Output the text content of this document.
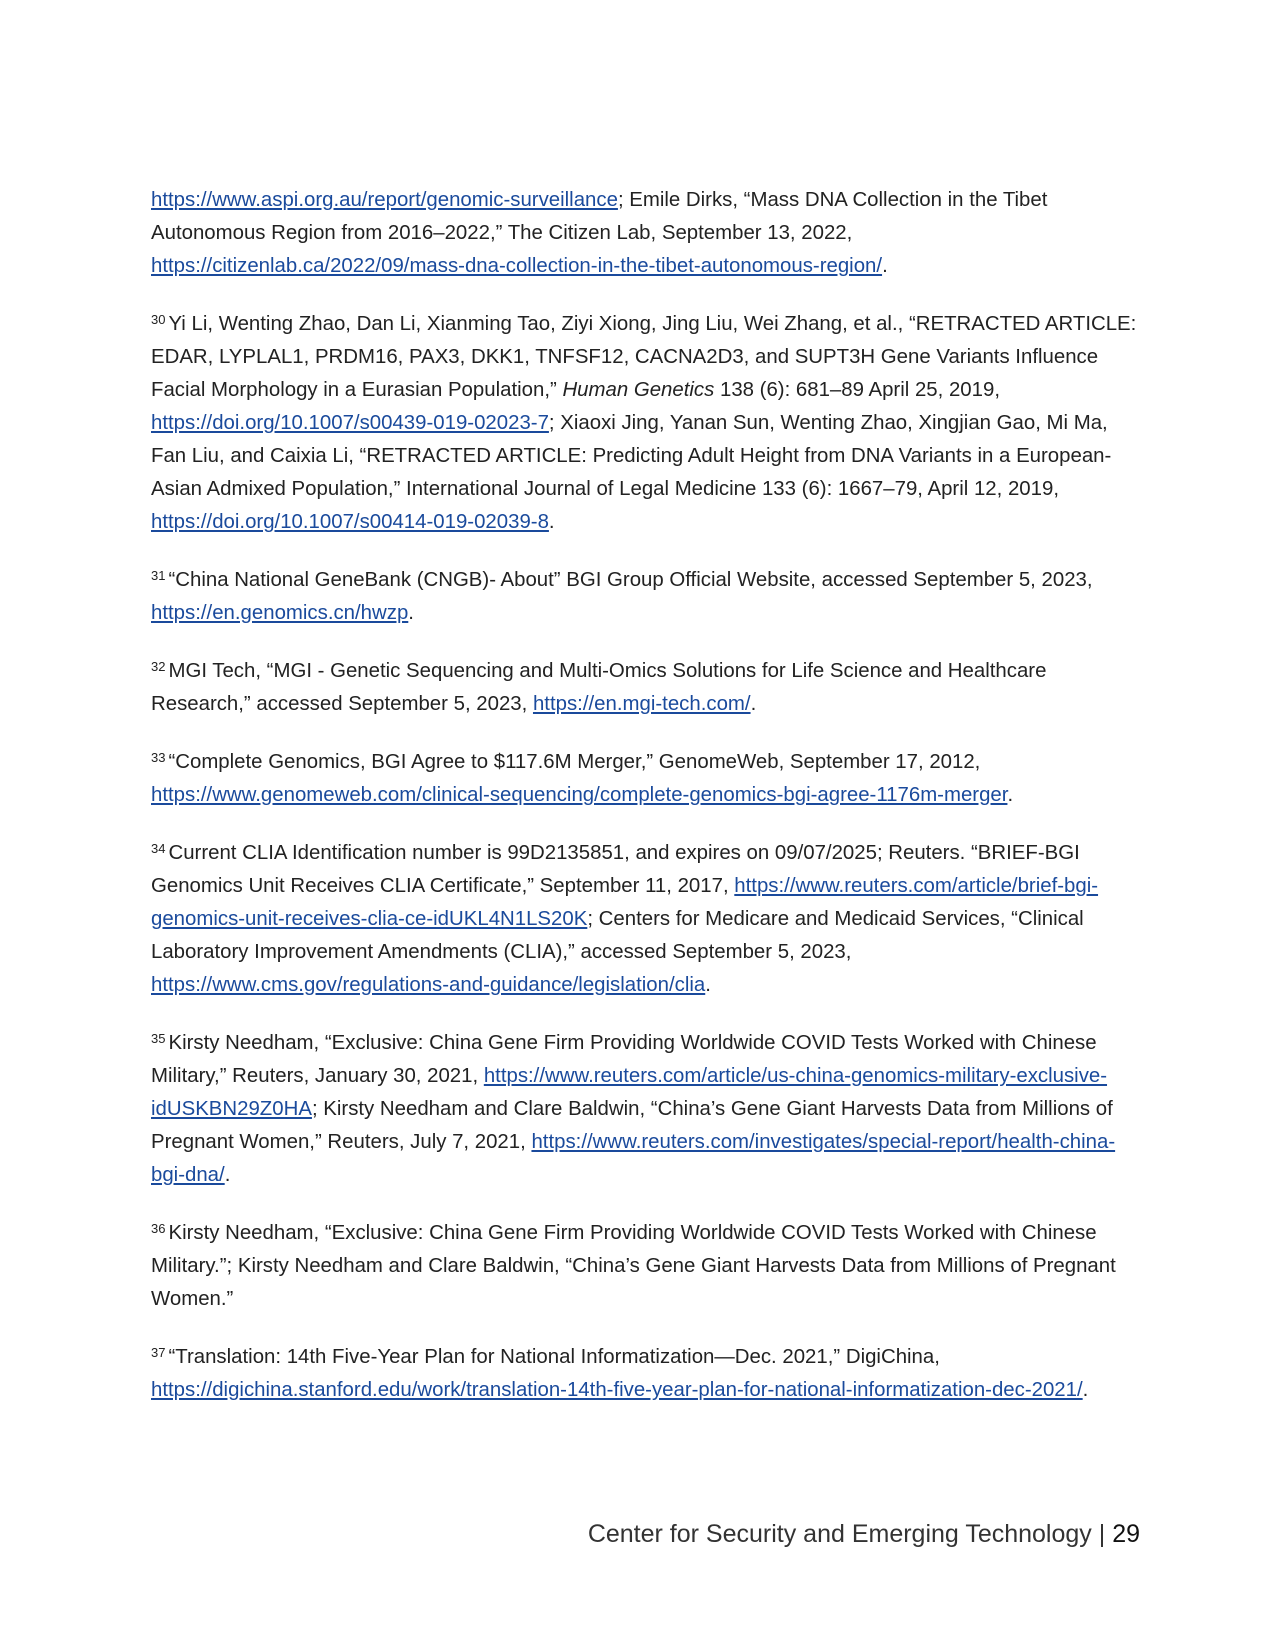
https://www.aspi.org.au/report/genomic-surveillance; Emile Dirks, “Mass DNA Collection in the Tibet Autonomous Region from 2016–2022,” The Citizen Lab, September 13, 2022, https://citizenlab.ca/2022/09/mass-dna-collection-in-the-tibet-autonomous-region/.

$^{30}$ Yi Li, Wenting Zhao, Dan Li, Xianming Tao, Ziyi Xiong, Jing Liu, Wei Zhang, et al., “RETRACTED ARTICLE: EDAR, LYPLAL1, PRDM16, PAX3, DKK1, TNFSF12, CACNA2D3, and SUPT3H Gene Variants Influence Facial Morphology in a Eurasian Population,” Human Genetics 138 (6): 681–89 April 25, 2019, https://doi.org/10.1007/s00439-019-02023-7; Xiaoxi Jing, Yanan Sun, Wenting Zhao, Xingjian Gao, Mi Ma, Fan Liu, and Caixia Li, “RETRACTED ARTICLE: Predicting Adult Height from DNA Variants in a European-Asian Admixed Population,” International Journal of Legal Medicine 133 (6): 1667–79, April 12, 2019, https://doi.org/10.1007/s00414-019-02039-8.

$^{31}$ “China National GeneBank (CNGB)- About” BGI Group Official Website, accessed September 5, 2023, https://en.genomics.cn/hwzp.

$^{32}$ MGI Tech, “MGI - Genetic Sequencing and Multi-Omics Solutions for Life Science and Healthcare Research,” accessed September 5, 2023, https://en.mgi-tech.com/.

$^{33}$ “Complete Genomics, BGI Agree to $117.6M Merger,” GenomeWeb, September 17, 2012, https://www.genomeweb.com/clinical-sequencing/complete-genomics-bgi-agree-1176m-merger.

$^{34}$ Current CLIA Identification number is 99D2135851, and expires on 09/07/2025; Reuters. “BRIEF-BGI Genomics Unit Receives CLIA Certificate,” September 11, 2017, https://www.reuters.com/article/brief-bgi-genomics-unit-receives-clia-ce-idUKL4N1LS20K; Centers for Medicare and Medicaid Services, “Clinical Laboratory Improvement Amendments (CLIA),” accessed September 5, 2023, https://www.cms.gov/regulations-and-guidance/legislation/clia.

$^{35}$ Kirsty Needham, “Exclusive: China Gene Firm Providing Worldwide COVID Tests Worked with Chinese Military,” Reuters, January 30, 2021, https://www.reuters.com/article/us-china-genomics-military-exclusive-idUSKBN29Z0HA; Kirsty Needham and Clare Baldwin, “China’s Gene Giant Harvests Data from Millions of Pregnant Women,” Reuters, July 7, 2021, https://www.reuters.com/investigates/special-report/health-china-bgi-dna/.

$^{36}$ Kirsty Needham, “Exclusive: China Gene Firm Providing Worldwide COVID Tests Worked with Chinese Military.”; Kirsty Needham and Clare Baldwin, “China’s Gene Giant Harvests Data from Millions of Pregnant Women.”

$^{37}$ “Translation: 14th Five-Year Plan for National Informatization—Dec. 2021,” DigiChina, https://digichina.stanford.edu/work/translation-14th-five-year-plan-for-national-informatization-dec-2021/.

Center for Security and Emerging Technology | 29
